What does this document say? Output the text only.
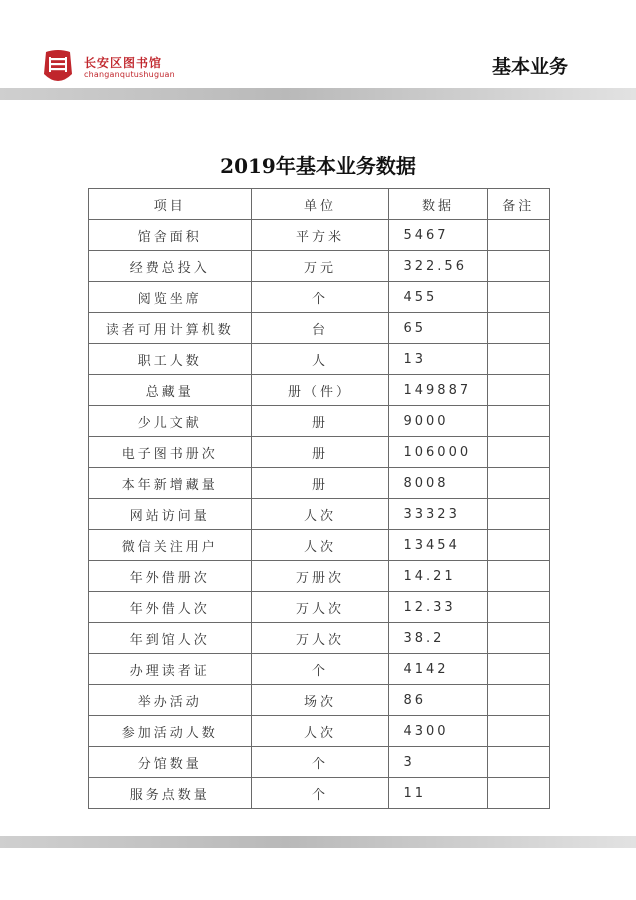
长安区图书馆
changanqutushuguan	基本业务
2019年基本业务数据
项目	单位	数据	备注
馆舍面积	平方米	5467	
经费总投入	万元	322.56	
阅览坐席	个	455	
读者可用计算机数	台	65	
职工人数	人	13	
总藏量	册（件）	149887	
少儿文献	册	9000	
电子图书册次	册	106000	
本年新增藏量	册	8008	
网站访问量	人次	33323	
微信关注用户	人次	13454	
年外借册次	万册次	14.21	
年外借人次	万人次	12.33	
年到馆人次	万人次	38.2	
办理读者证	个	4142	
举办活动	场次	86	
参加活动人数	人次	4300	
分馆数量	个	3	
服务点数量	个	11	
